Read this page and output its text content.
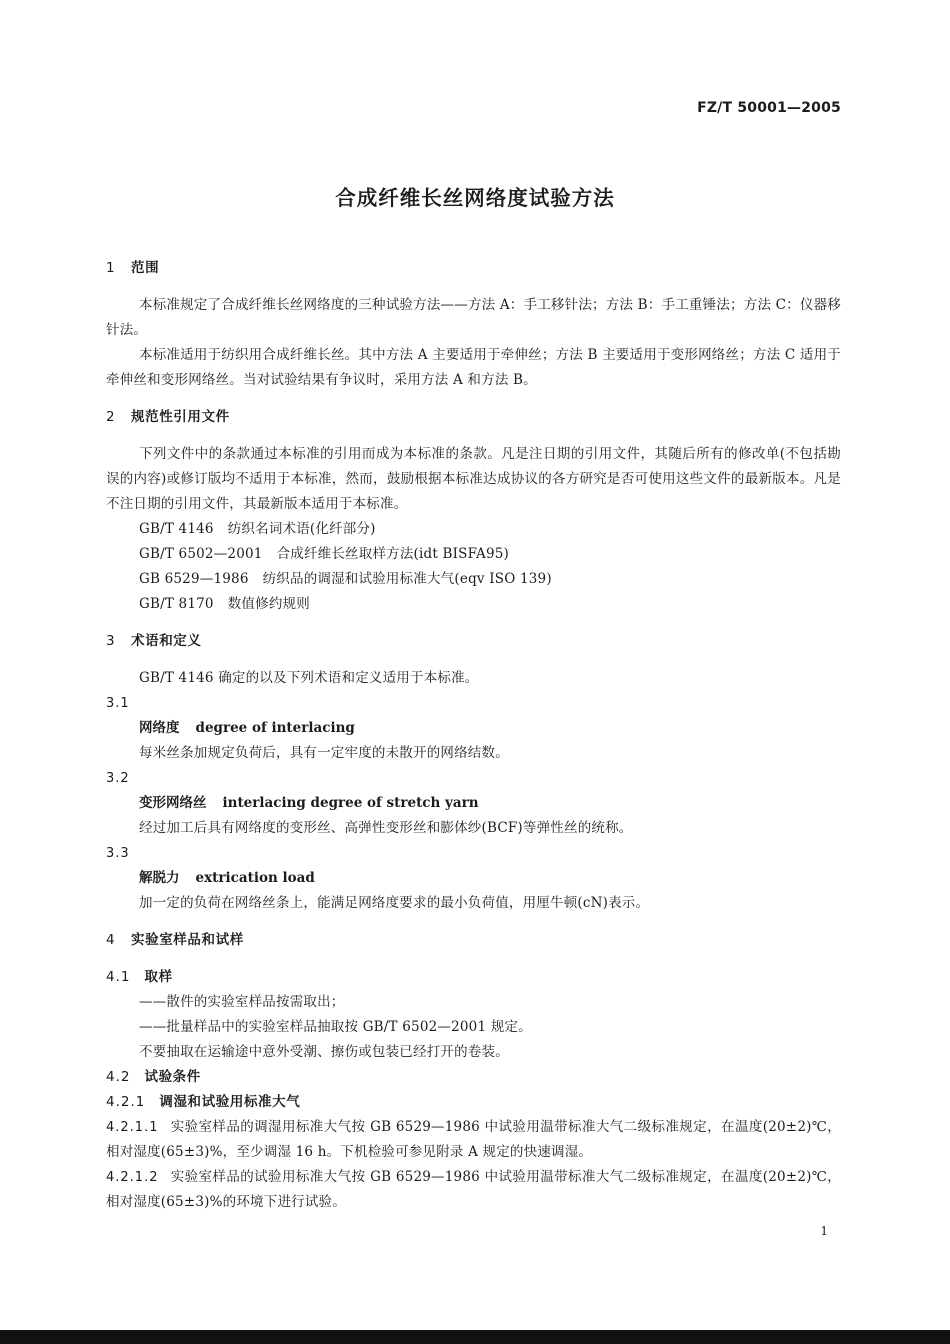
FZ/T 50001—2005
合成纤维长丝网络度试验方法
1 范围
本标准规定了合成纤维长丝网络度的三种试验方法——方法 A：手工移针法；方法 B：手工重锤法；方法 C：仪器移针法。
本标准适用于纺织用合成纤维长丝。其中方法 A 主要适用于牵伸丝；方法 B 主要适用于变形网络丝；方法 C 适用于牵伸丝和变形网络丝。当对试验结果有争议时，采用方法 A 和方法 B。
2 规范性引用文件
下列文件中的条款通过本标准的引用而成为本标准的条款。凡是注日期的引用文件，其随后所有的修改单(不包括勘误的内容)或修订版均不适用于本标准，然而，鼓励根据本标准达成协议的各方研究是否可使用这些文件的最新版本。凡是不注日期的引用文件，其最新版本适用于本标准。
GB/T 4146 纺织名词术语(化纤部分)
GB/T 6502—2001 合成纤维长丝取样方法(idt BISFA95)
GB 6529—1986 纺织品的调湿和试验用标准大气(eqv ISO 139)
GB/T 8170 数值修约规则
3 术语和定义
GB/T 4146 确定的以及下列术语和定义适用于本标准。
3.1
网络度 degree of interlacing
每米丝条加规定负荷后，具有一定牢度的未散开的网络结数。
3.2
变形网络丝 interlacing degree of stretch yarn
经过加工后具有网络度的变形丝、高弹性变形丝和膨体纱(BCF)等弹性丝的统称。
3.3
解脱力 extrication load
加一定的负荷在网络丝条上，能满足网络度要求的最小负荷值，用厘牛顿(cN)表示。
4 实验室样品和试样
4.1 取样
——散件的实验室样品按需取出；
——批量样品中的实验室样品抽取按 GB/T 6502—2001 规定。
不要抽取在运输途中意外受潮、擦伤或包装已经打开的卷装。
4.2 试验条件
4.2.1 调湿和试验用标准大气
4.2.1.1 实验室样品的调湿用标准大气按 GB 6529—1986 中试验用温带标准大气二级标准规定，在温度(20±2)℃，相对湿度(65±3)%，至少调湿 16 h。下机检验可参见附录 A 规定的快速调湿。
4.2.1.2 实验室样品的试验用标准大气按 GB 6529—1986 中试验用温带标准大气二级标准规定，在温度(20±2)℃，相对湿度(65±3)%的环境下进行试验。
1
